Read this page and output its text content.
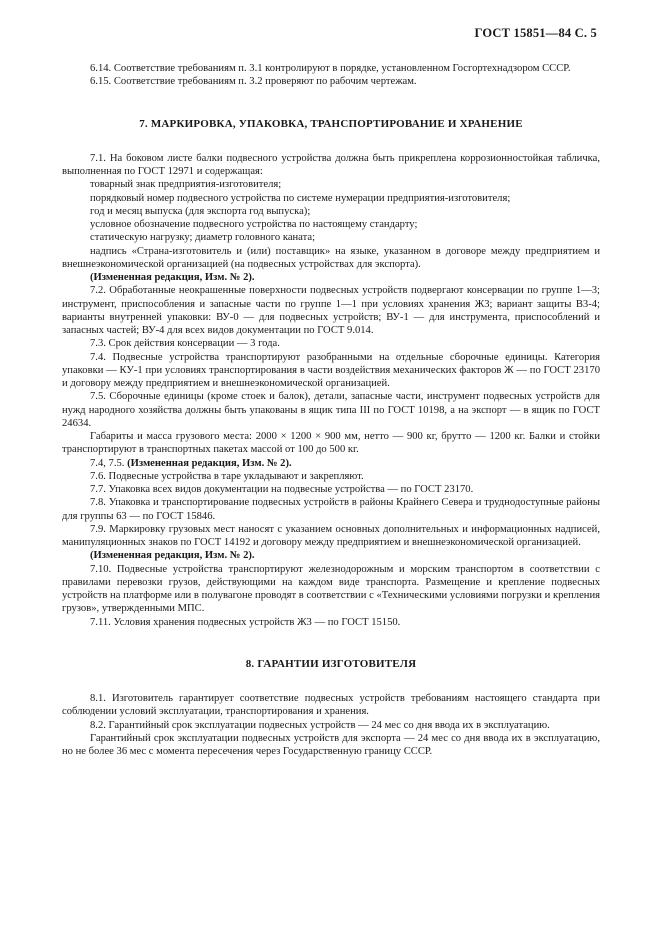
ГОСТ 15851—84 С. 5

6.14. Соответствие требованиям п. 3.1 контролируют в порядке, установленном Госгортехнадзором СССР.

6.15. Соответствие требованиям п. 3.2 проверяют по рабочим чертежам.

7. МАРКИРОВКА, УПАКОВКА, ТРАНСПОРТИРОВАНИЕ И ХРАНЕНИЕ

7.1. На боковом листе балки подвесного устройства должна быть прикреплена коррозионностойкая табличка, выполненная по ГОСТ 12971 и содержащая:

товарный знак предприятия-изготовителя;

порядковый номер подвесного устройства по системе нумерации предприятия-изготовителя;

год и месяц выпуска (для экспорта год выпуска);

условное обозначение подвесного устройства по настоящему стандарту;

статическую нагрузку; диаметр головного каната;

надпись «Страна-изготовитель и (или) поставщик» на языке, указанном в договоре между предприятием и внешнеэкономической организацией (на подвесных устройствах для экспорта).

(Измененная редакция, Изм. № 2).

7.2. Обработанные неокрашенные поверхности подвесных устройств подвергают консервации по группе 1—3; инструмент, приспособления и запасные части по группе 1—1 при условиях хранения Ж3; вариант защиты В3-4; варианты внутренней упаковки: ВУ-0 — для подвесных устройств; ВУ-1 — для инструмента, приспособлений и запасных частей; ВУ-4 для всех видов документации по ГОСТ 9.014.

7.3. Срок действия консервации — 3 года.

7.4. Подвесные устройства транспортируют разобранными на отдельные сборочные единицы. Категория упаковки — КУ-1 при условиях транспортирования в части воздействия механических факторов Ж — по ГОСТ 23170 и договору между предприятием и внешнеэкономической организацией.

7.5. Сборочные единицы (кроме стоек и балок), детали, запасные части, инструмент подвесных устройств для нужд народного хозяйства должны быть упакованы в ящик типа III по ГОСТ 10198, а на экспорт — в ящик по ГОСТ 24634.

Габариты и масса грузового места: 2000 × 1200 × 900 мм, нетто — 900 кг, брутто — 1200 кг. Балки и стойки транспортируют в транспортных пакетах массой от 100 до 500 кг.

7.4, 7.5. (Измененная редакция, Изм. № 2).

7.6. Подвесные устройства в таре укладывают и закрепляют.

7.7. Упаковка всех видов документации на подвесные устройства — по ГОСТ 23170.

7.8. Упаковка и транспортирование подвесных устройств в районы Крайнего Севера и труднодоступные районы для группы 63 — по ГОСТ 15846.

7.9. Маркировку грузовых мест наносят с указанием основных дополнительных и информационных надписей, манипуляционных знаков по ГОСТ 14192 и договору между предприятием и внешнеэкономической организацией.

(Измененная редакция, Изм. № 2).

7.10. Подвесные устройства транспортируют железнодорожным и морским транспортом в соответствии с правилами перевозки грузов, действующими на каждом виде транспорта. Размещение и крепление подвесных устройств на платформе или в полувагоне проводят в соответствии с «Техническими условиями погрузки и крепления грузов», утвержденными МПС.

7.11. Условия хранения подвесных устройств Ж3 — по ГОСТ 15150.

8. ГАРАНТИИ ИЗГОТОВИТЕЛЯ

8.1. Изготовитель гарантирует соответствие подвесных устройств требованиям настоящего стандарта при соблюдении условий эксплуатации, транспортирования и хранения.

8.2. Гарантийный срок эксплуатации подвесных устройств — 24 мес со дня ввода их в эксплуатацию.

Гарантийный срок эксплуатации подвесных устройств для экспорта — 24 мес со дня ввода их в эксплуатацию, но не более 36 мес с момента пересечения через Государственную границу СССР.
